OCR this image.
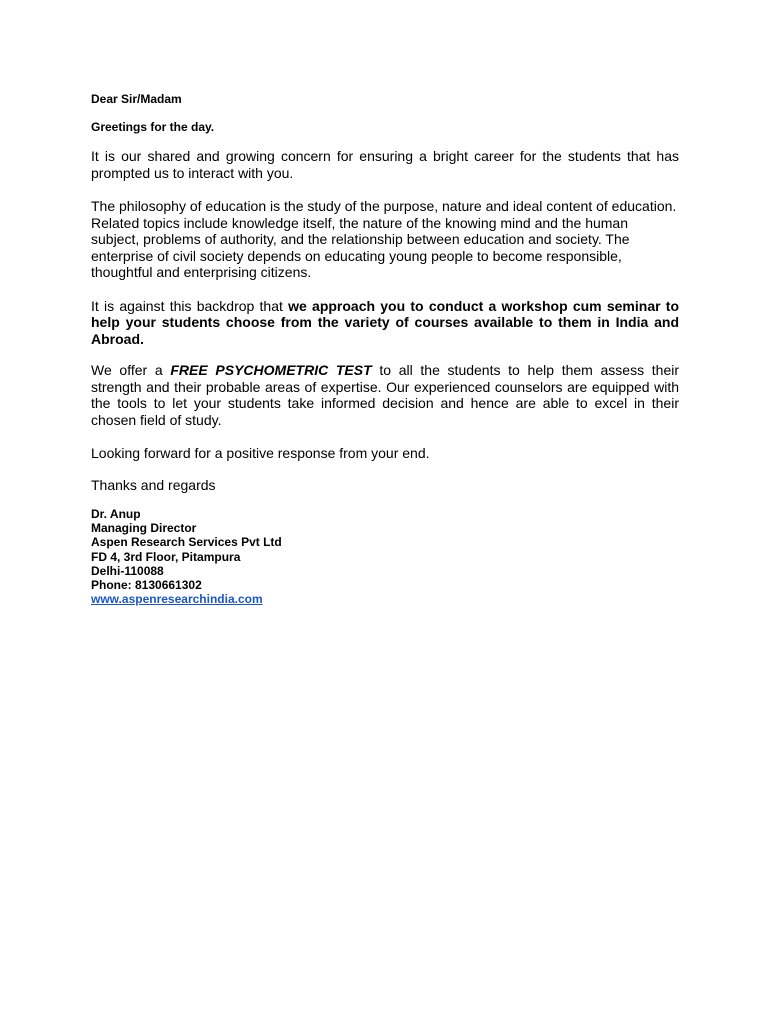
Dear Sir/Madam

Greetings for the day.

It is our shared and growing concern for ensuring a bright career for the students that has prompted us to interact with you.

The philosophy of education is the study of the purpose, nature and ideal content of education. Related topics include knowledge itself, the nature of the knowing mind and the human subject, problems of authority, and the relationship between education and society. The enterprise of civil society depends on educating young people to become responsible, thoughtful and enterprising citizens.

It is against this backdrop that we approach you to conduct a workshop cum seminar to help your students choose from the variety of courses available to them in India and Abroad.

We offer a FREE PSYCHOMETRIC TEST to all the students to help them assess their strength and their probable areas of expertise. Our experienced counselors are equipped with the tools to let your students take informed decision and hence are able to excel in their chosen field of study.

Looking forward for a positive response from your end.

Thanks and regards

Dr. Anup
Managing Director
Aspen Research Services Pvt Ltd
FD 4, 3rd Floor, Pitampura
Delhi-110088
Phone: 8130661302
www.aspenresearchindia.com
